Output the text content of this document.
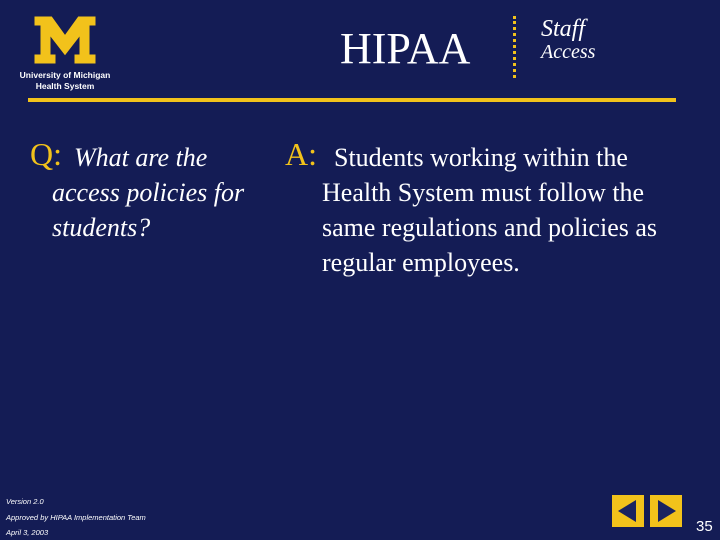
University of Michigan
Health System
HIPAA	Staff
Access
Q: What are the access policies for students?
A: Students working within the Health System must follow the same regulations and policies as regular employees.
Version 2.0
Approved by HIPAA Implementation Team
April 3, 2003	35
